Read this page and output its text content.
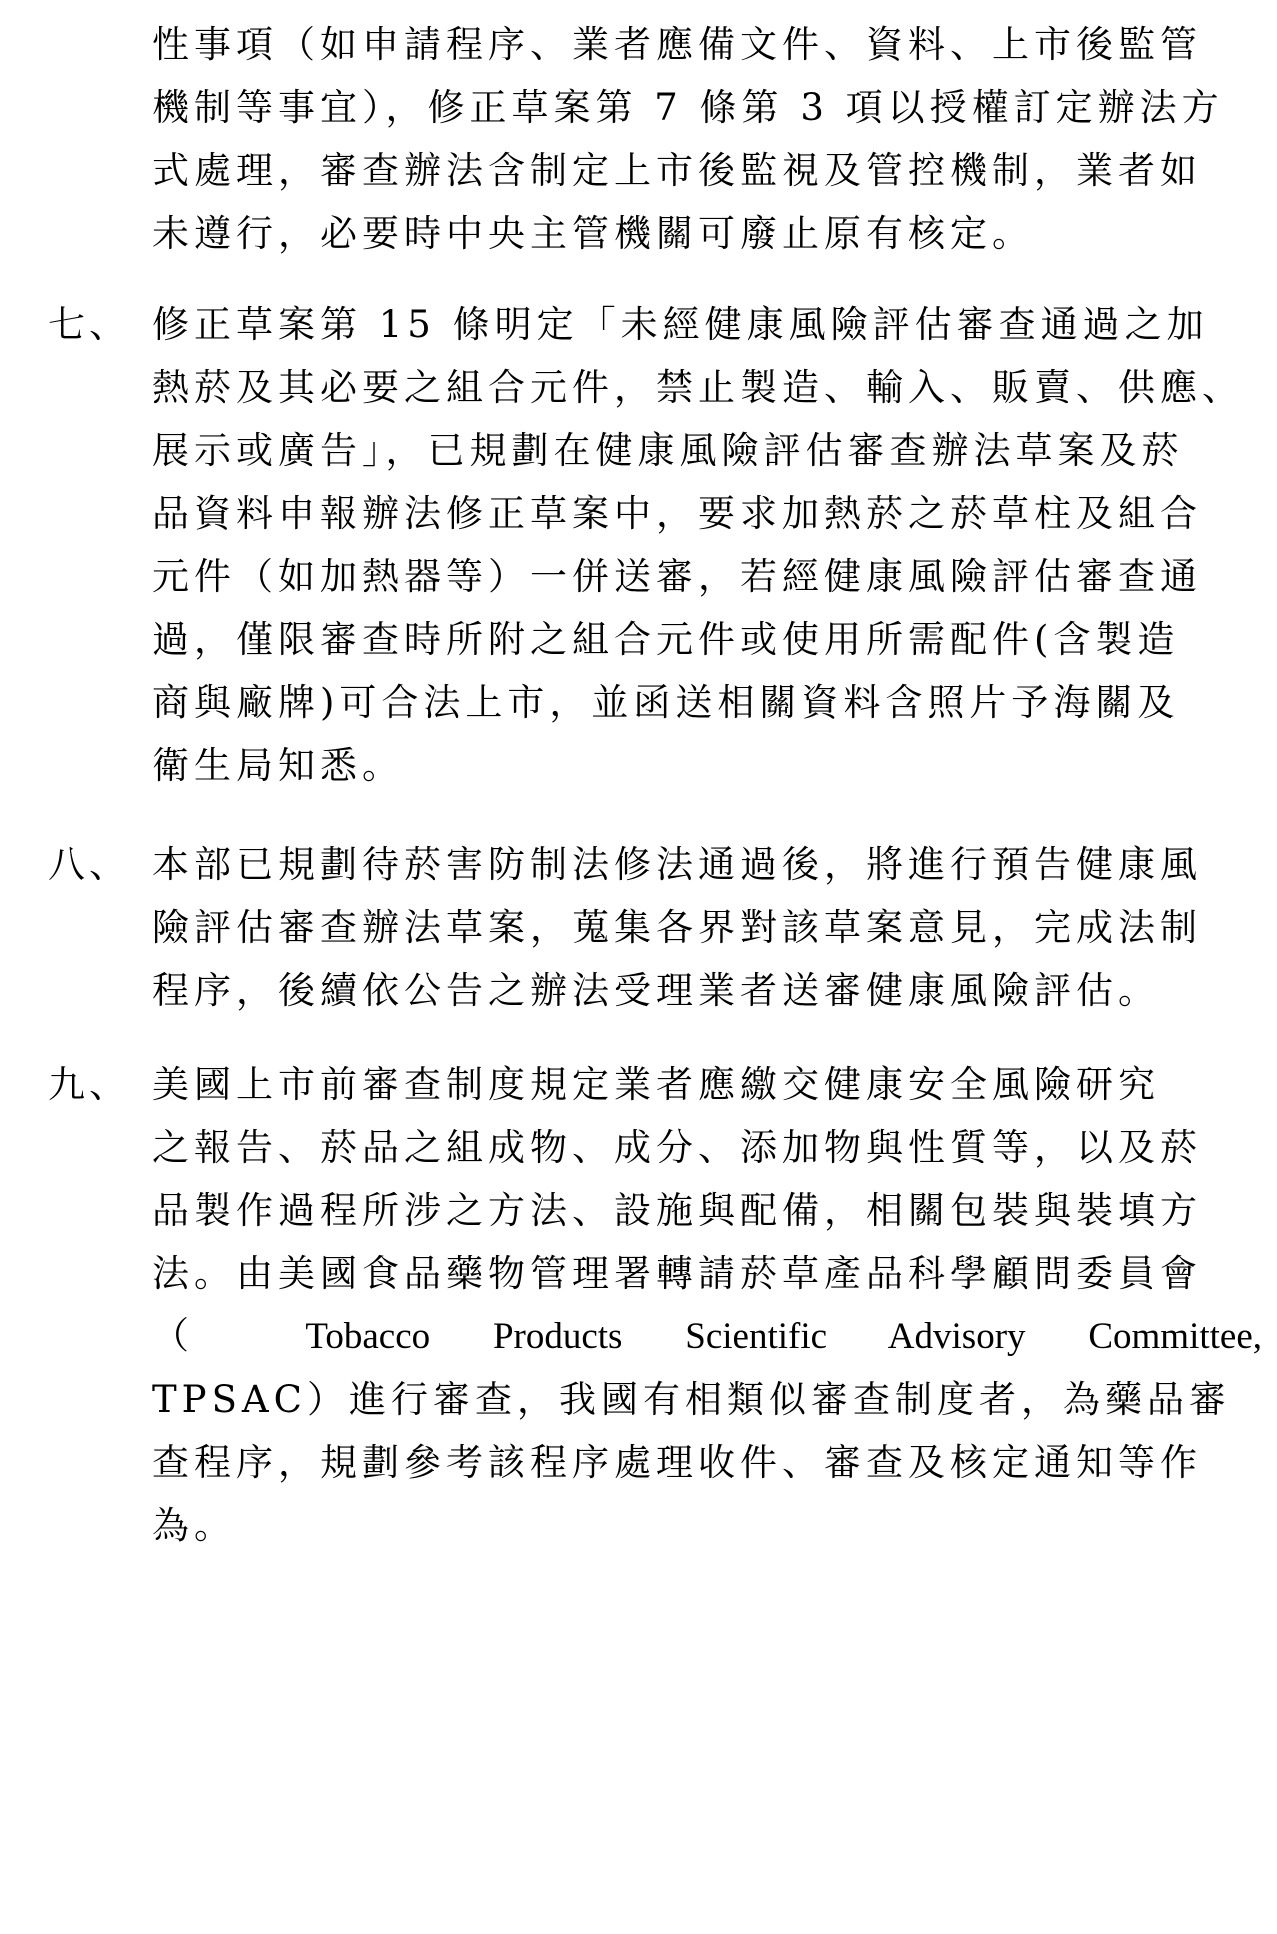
性事項（如申請程序、業者應備文件、資料、上市後監管
機制等事宜），修正草案第 7 條第 3 項以授權訂定辦法方
式處理，審查辦法含制定上市後監視及管控機制，業者如
未遵行，必要時中央主管機關可廢止原有核定。
七、 修正草案第 15 條明定「未經健康風險評估審查通過之加
熱菸及其必要之組合元件，禁止製造、輸入、販賣、供應、
展示或廣告」，已規劃在健康風險評估審查辦法草案及菸
品資料申報辦法修正草案中，要求加熱菸之菸草柱及組合
元件（如加熱器等）一併送審，若經健康風險評估審查通
過，僅限審查時所附之組合元件或使用所需配件(含製造
商與廠牌)可合法上市，並函送相關資料含照片予海關及
衛生局知悉。
八、 本部已規劃待菸害防制法修法通過後，將進行預告健康風
險評估審查辦法草案，蒐集各界對該草案意見，完成法制
程序，後續依公告之辦法受理業者送審健康風險評估。
九、 美國上市前審查制度規定業者應繳交健康安全風險研究
之報告、菸品之組成物、成分、添加物與性質等，以及菸
品製作過程所涉之方法、設施與配備，相關包裝與裝填方
法。由美國食品藥物管理署轉請菸草產品科學顧問委員會
（ Tobacco Products Scientific Advisory Committee,
TPSAC）進行審查，我國有相類似審查制度者，為藥品審
查程序，規劃參考該程序處理收件、審查及核定通知等作
為。
